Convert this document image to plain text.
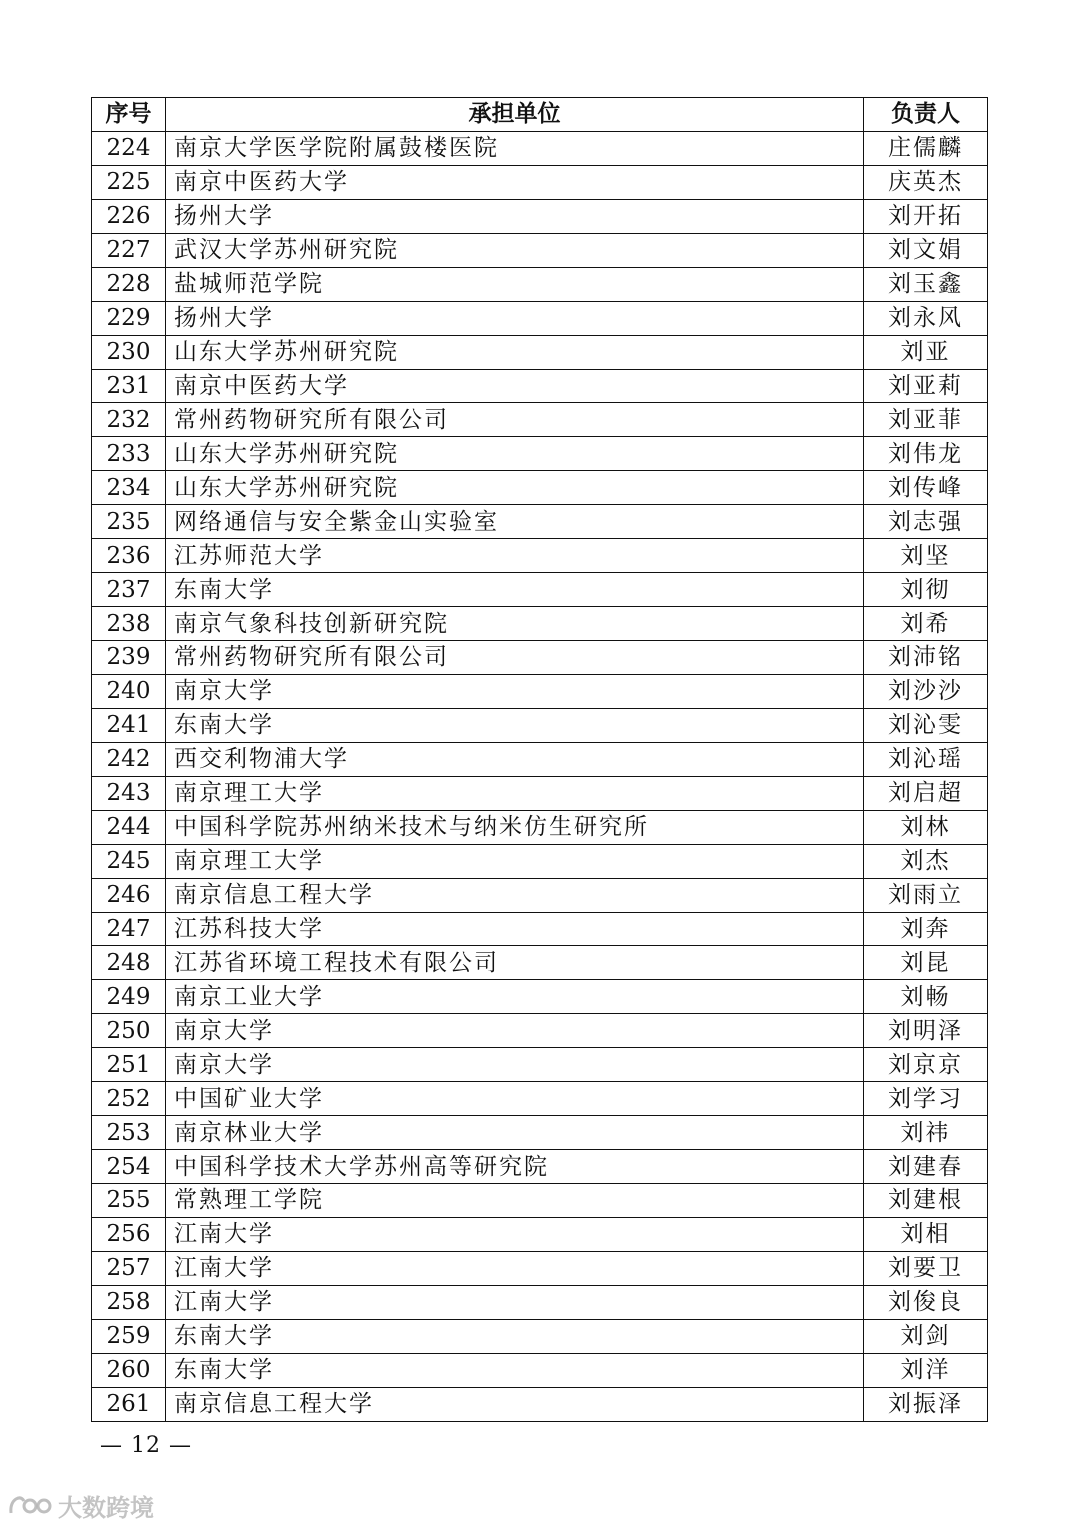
序号	承担单位	负责人
224	南京大学医学院附属鼓楼医院	庄儒麟
225	南京中医药大学	庆英杰
226	扬州大学	刘开拓
227	武汉大学苏州研究院	刘文娟
228	盐城师范学院	刘玉鑫
229	扬州大学	刘永风
230	山东大学苏州研究院	刘亚
231	南京中医药大学	刘亚莉
232	常州药物研究所有限公司	刘亚菲
233	山东大学苏州研究院	刘伟龙
234	山东大学苏州研究院	刘传峰
235	网络通信与安全紫金山实验室	刘志强
236	江苏师范大学	刘坚
237	东南大学	刘彻
238	南京气象科技创新研究院	刘希
239	常州药物研究所有限公司	刘沛铭
240	南京大学	刘沙沙
241	东南大学	刘沁雯
242	西交利物浦大学	刘沁瑶
243	南京理工大学	刘启超
244	中国科学院苏州纳米技术与纳米仿生研究所	刘林
245	南京理工大学	刘杰
246	南京信息工程大学	刘雨立
247	江苏科技大学	刘奔
248	江苏省环境工程技术有限公司	刘昆
249	南京工业大学	刘畅
250	南京大学	刘明泽
251	南京大学	刘京京
252	中国矿业大学	刘学习
253	南京林业大学	刘祎
254	中国科学技术大学苏州高等研究院	刘建春
255	常熟理工学院	刘建根
256	江南大学	刘相
257	江南大学	刘要卫
258	江南大学	刘俊良
259	东南大学	刘剑
260	东南大学	刘洋
261	南京信息工程大学	刘振泽
— 12 —
大数跨境
